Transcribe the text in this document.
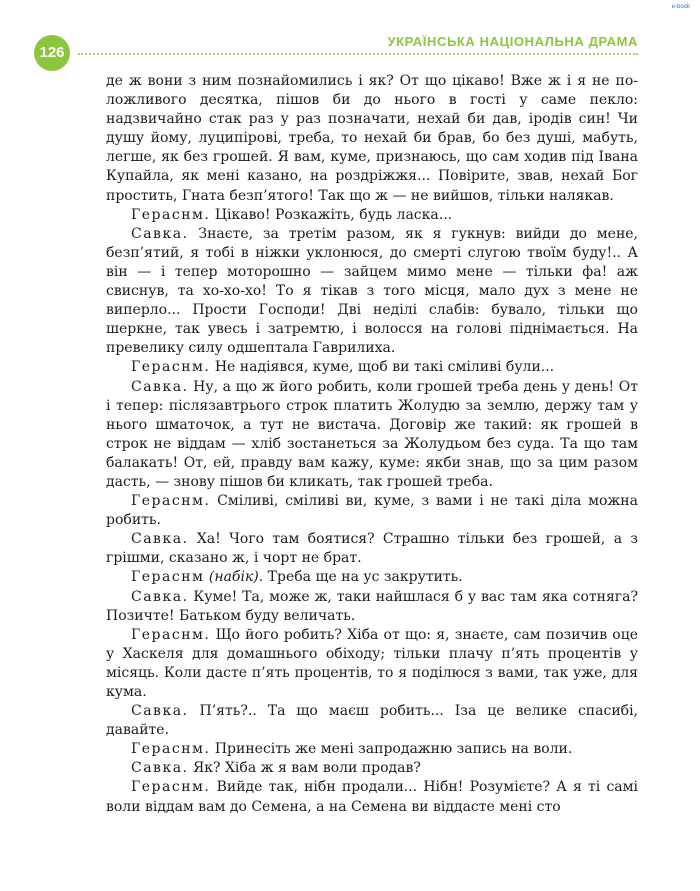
126
УКРАЇНСЬКА НАЦІОНАЛЬНА ДРАМА
e-book

де ж вони з ним познайомились і як? От що цікаво! Вже ж і я не положливого десятка, пішов би до нього в гості у саме пекло: надзвичайно стак раз у раз позначати, нехай би дав, іродів син! Чи душу йому, луципірові, треба, то нехай би брав, бо без душі, мабуть, легше, як без грошей. Я вам, куме, признаюсь, що сам ходив під Івана Купайла, як мені казано, на роздріжжя... Повірите, звав, нехай Бог простить, Гната безп’ятого! Так що ж — не вийшов, тільки налякав.

Гераснм. Цікаво! Розкажіть, будь ласка...

Савка. Знаєте, за третім разом, як я гукнув: вийди до мене, безп’ятий, я тобі в ніжки уклонюся, до смерті слугою твоїм буду!.. А він — і тепер моторошно — зайцем мимо мене — тільки фа! аж свиснув, та хо-хо-хо! То я тікав з того місця, мало дух з мене не виперло... Прости Господи! Дві неділі слабів: бувало, тільки що шеркне, так увесь і затремтю, і волосся на голові піднімається. На превелику силу одшептала Гаврилиха.

Гераснм. Не надіявся, куме, щоб ви такі сміливі були...

Савка. Ну, а що ж його робить, коли грошей треба день у день! От і тепер: післязавтрього строк платить Жолудю за землю, держу там у нього шматочок, а тут не вистача. Договір же такий: як грошей в строк не віддам — хліб зостанеться за Жолудьом без суда. Та що там балакать! От, ей, правду вам кажу, куме: якби знав, що за цим разом дасть, — знову пішов би кликать, так грошей треба.

Гераснм. Сміливі, сміливі ви, куме, з вами і не такі діла можна робить.

Савка. Ха! Чого там боятися? Страшно тільки без грошей, а з грішми, сказано ж, і чорт не брат.

Гераснм (набік). Треба ще на ус закрутить.

Савка. Куме! Та, може ж, таки найшлася б у вас там яка сотняга? Позичте! Батьком буду величать.

Гераснм. Що його робить? Хіба от що: я, знаєте, сам позичив оце у Хаскеля для домашнього обіходу; тільки плачу п’ять процентів у місяць. Коли дасте п’ять процентів, то я поділюся з вами, так уже, для кума.

Савка. П’ять?.. Та що маєш робить... Іза це велике спасибі, давайте.

Гераснм. Принесіть же мені запродажню запись на воли.

Савка. Як? Хіба ж я вам воли продав?

Гераснм. Вийде так, нібн продали... Нібн! Розумієте? А я ті самі воли віддам вам до Семена, а на Семена ви віддасте мені сто
